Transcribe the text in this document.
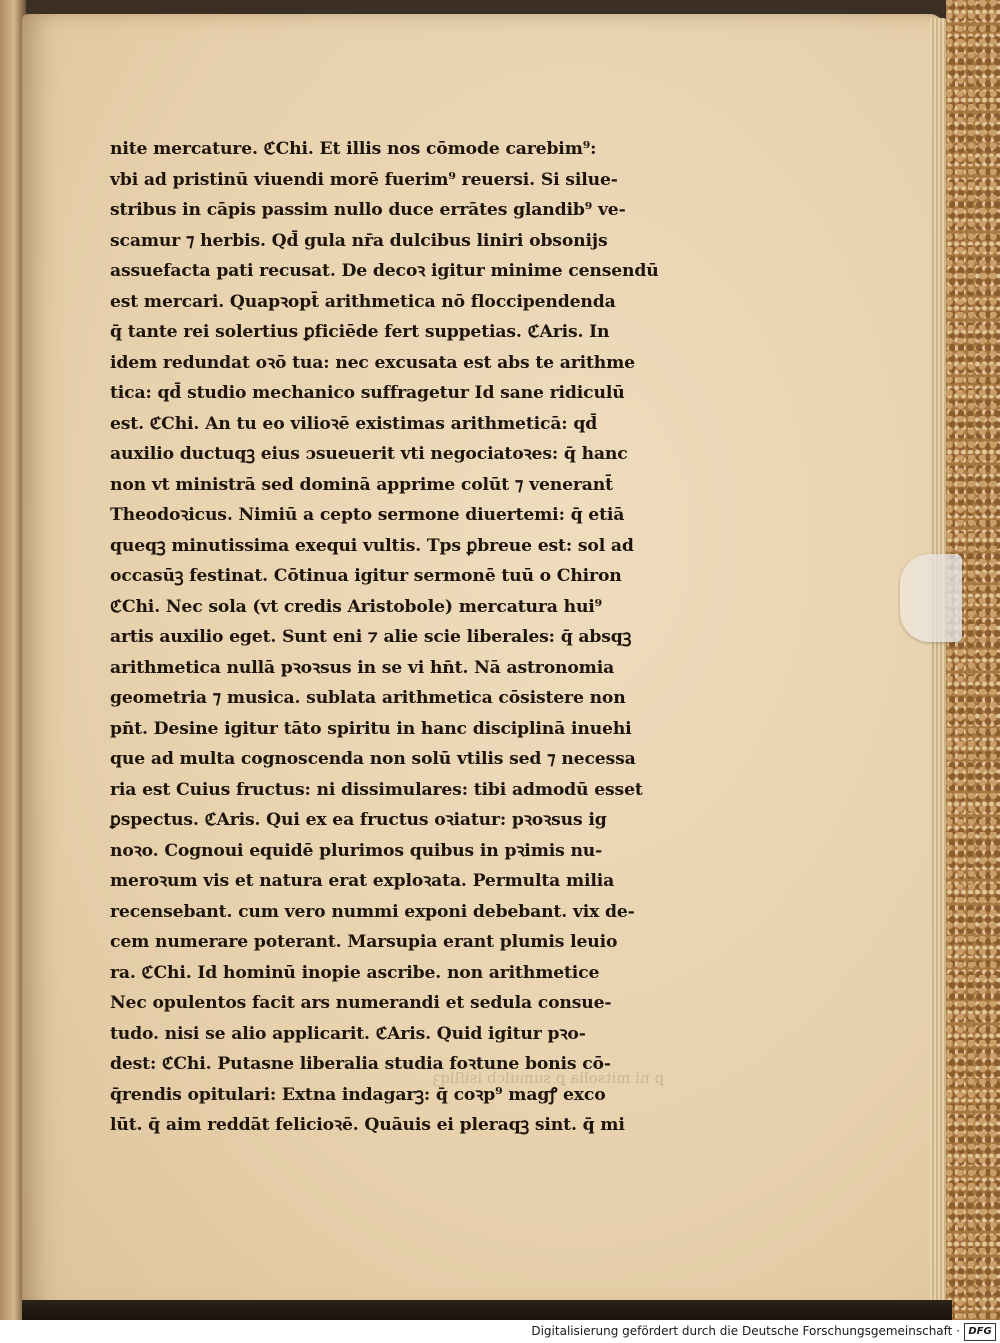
nite mercature. ℭChi. Et illis nos cōmode carebim⁹:
vbi ad pristinū viuendi morē fuerim⁹ reuersi. Si silue-
stribus in cāpis passim nullo duce errātes glandib⁹ ve-
scamur ⁊ herbis. Qd̄ gula nr̄a dulcibus liniri obsonijs
assuefacta pati recusat. De decoꝛ igitur minime censendū
est mercari. Quapꝛopt̄ arithmetica nō floccipendenda
q̄ tante rei solertius ꝑficiēde fert suppetias. ℭAris. In
idem redundat oꝛō tua: nec excusata est abs te arithme
tica: qd̄ studio mechanico suffragetur Id sane ridiculū
est. ℭChi. An tu eo vilioꝛē existimas arithmeticā: qd̄
auxilio ductuqꝫ eius ɔsueuerit vti negociatoꝛes: q̄ hanc
non vt ministrā sed dominā apprime colūt ⁊ venerant̄
Theodoꝛicus. Nimiū a cepto sermone diuertemi: q̄ etiā
queqꝫ minutissima exequi vultis. Tps ꝑbreue est: sol ad
occasūꝫ festinat. Cōtinua igitur sermonē tuū o Chiron
ℭChi. Nec sola (vt credis Aristobole) mercatura hui⁹
artis auxilio eget. Sunt eni ⁊ alie scie liberales: q̄ absqꝫ
arithmetica nullā pꝛoꝛsus in se vi hn̄t. Nā astronomia
geometria ⁊ musica. sublata arithmetica cōsistere non
pn̄t. Desine igitur tāto spiritu in hanc disciplinā inuehi
que ad multa cognoscenda non solū vtilis sed ⁊ necessa
ria est Cuius fructus: ni dissimulares: tibi admodū esset
ꝑspectus. ℭAris. Qui ex ea fructus oꝛiatur: pꝛoꝛsus ig
noꝛo. Cognoui equidē plurimos quibus in pꝛimis nu-
meroꝛum vis et natura erat exploꝛata. Permulta milia
recensebant. cum vero nummi exponi debebant. vix de-
cem numerare poterant. Marsupia erant plumis leuio
ra. ℭChi. Id hominū inopie ascribe. non arithmetice
Nec opulentos facit ars numerandi et sedula consue-
tudo. nisi se alio applicarit. ℭAris. Quid igitur pꝛo-
dest: ℭChi. Putasne liberalia studia foꝛtune bonis cō-
q̄rendis opitulari: Extna indagarꝫ: q̄ coꝛp⁹ magꝭ exco
lūt. q̄ aim reddāt felicioꝛē. Quāuis ei pleraqꝫ sint. q̄ mi
ꝑ ni mitsolla ꝑ sumulcb isiſllqꝫ
Digitalisierung gefördert durch die Deutsche Forschungsgemeinschaft · DFG
